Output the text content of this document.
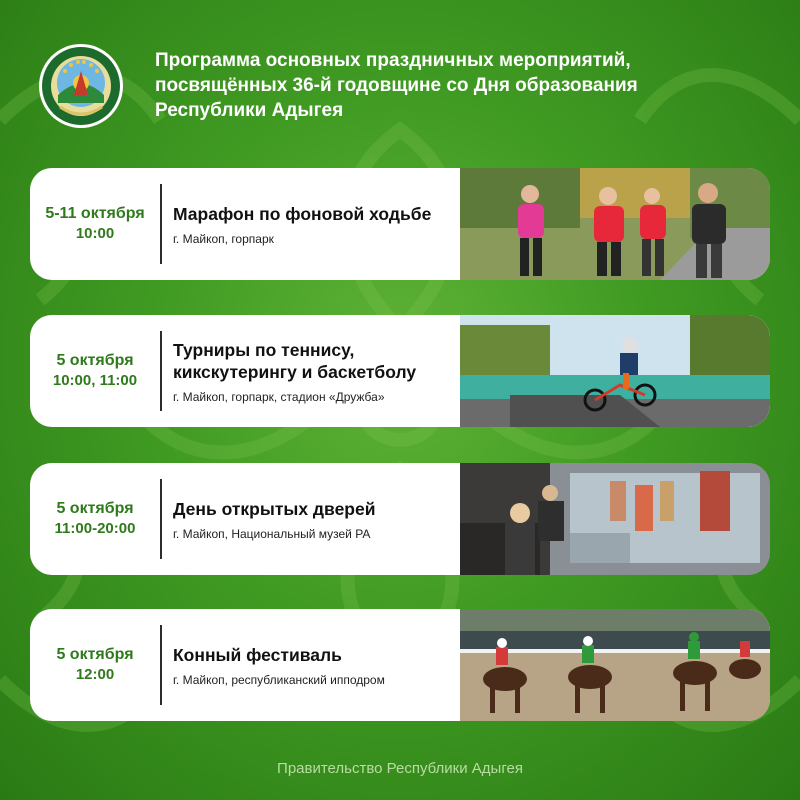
Программа основных праздничных мероприятий,
посвящённых 36-й годовщине со Дня образования
Республики Адыгея
5-11 октября
10:00
Марафон по фоновой ходьбе
г. Майкоп, горпарк
5 октября
10:00, 11:00
Турниры по теннису,
кикскутерингу и баскетболу
г. Майкоп, горпарк, стадион «Дружба»
5 октября
11:00-20:00
День открытых дверей
г. Майкоп, Национальный музей РА
5 октября
12:00
Конный фестиваль
г. Майкоп, республиканский ипподром
Правительство Республики Адыгея
